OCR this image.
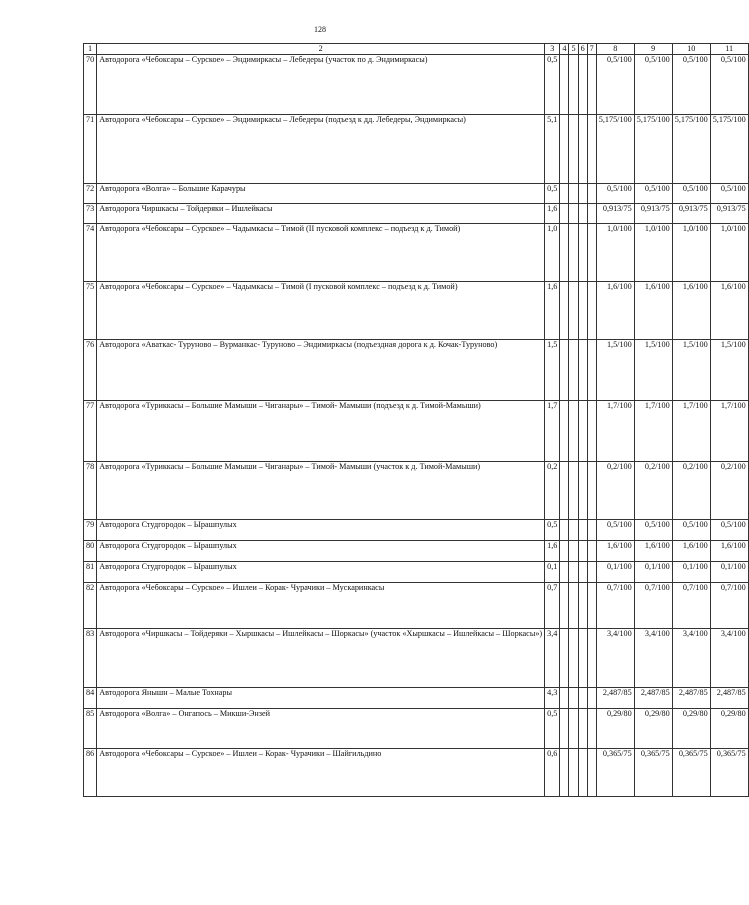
128
1	2	3	4	5	6	7	8	9	10	11
70	Автодорога «Чебоксары – Сурское» – Эндимиркасы – Лебедеры (участок по д. Эндимиркасы)	0,5					0,5/100	0,5/100	0,5/100	0,5/100
71	Автодорога «Чебоксары – Сурское» – Эндимиркасы – Лебедеры (подъезд к дд. Лебедеры, Эндимиркасы)	5,1					5,175/100	5,175/100	5,175/100	5,175/100
72	Автодорога «Волга» – Большие Карачуры	0,5					0,5/100	0,5/100	0,5/100	0,5/100
73	Автодорога Чиршкасы – Тойдеряки – Ишлейкасы	1,6					0,913/75	0,913/75	0,913/75	0,913/75
74	Автодорога «Чебоксары – Сурское» – Чадымкасы – Тимой (II пусковой комплекс – подъезд к д. Тимой)	1,0					1,0/100	1,0/100	1,0/100	1,0/100
75	Автодорога «Чебоксары – Сурское» – Чадымкасы – Тимой (I пусковой комплекс – подъезд к д. Тимой)	1,6					1,6/100	1,6/100	1,6/100	1,6/100
76	Автодорога «Аваткас- Туруново – Вурманкас- Туруново – Эндимиркасы (подъездная дорога к д. Кочак-Туруново)	1,5					1,5/100	1,5/100	1,5/100	1,5/100
77	Автодорога «Туриккасы – Большие Мамыши – Чиганары» – Тимой- Мамыши (подъезд к д. Тимой-Мамыши)	1,7					1,7/100	1,7/100	1,7/100	1,7/100
78	Автодорога «Туриккасы – Большие Мамыши – Чиганары» – Тимой- Мамыши (участок к д. Тимой-Мамыши)	0,2					0,2/100	0,2/100	0,2/100	0,2/100
79	Автодорога Студгородок – Ырашпулых	0,5					0,5/100	0,5/100	0,5/100	0,5/100
80	Автодорога Студгородок – Ырашпулых	1,6					1,6/100	1,6/100	1,6/100	1,6/100
81	Автодорога Студгородок – Ырашпулых	0,1					0,1/100	0,1/100	0,1/100	0,1/100
82	Автодорога «Чебоксары – Сурское» – Ишлеи – Корак- Чурачики – Мускаринкасы	0,7					0,7/100	0,7/100	0,7/100	0,7/100
83	Автодорога «Чиршкасы – Тойдеряки – Хыршкасы – Ишлейкасы – Шоркасы» (участок «Хыршкасы – Ишлейкасы – Шоркасы»)	3,4					3,4/100	3,4/100	3,4/100	3,4/100
84	Автодорога Янышн – Малые Тохнары	4,3					2,487/85	2,487/85	2,487/85	2,487/85
85	Автодорога «Волга» – Онгапось – Микши-Энзей	0,5					0,29/80	0,29/80	0,29/80	0,29/80
86	Автодорога «Чебоксары – Сурское» – Ишлеи – Корак- Чурачики – Шайгильдино	0,6					0,365/75	0,365/75	0,365/75	0,365/75
